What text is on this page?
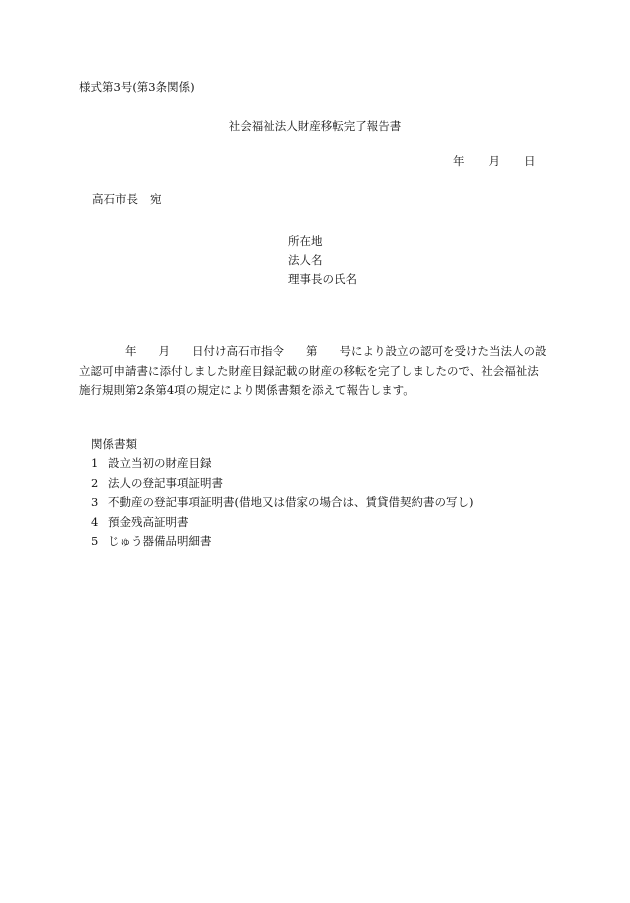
様式第3号(第3条関係)
社会福祉法人財産移転完了報告書
年 月 日
高石市長 宛
所在地
法人名
理事長の氏名
年 月 日付け高石市指令 第 号により設立の認可を受けた当法人の設立認可申請書に添付しました財産目録記載の財産の移転を完了しましたので、社会福祉法施行規則第2条第4項の規定により関係書類を添えて報告します。
関係書類
1 設立当初の財産目録
2 法人の登記事項証明書
3 不動産の登記事項証明書(借地又は借家の場合は、賃貸借契約書の写し)
4 預金残高証明書
5 じゅう器備品明細書
